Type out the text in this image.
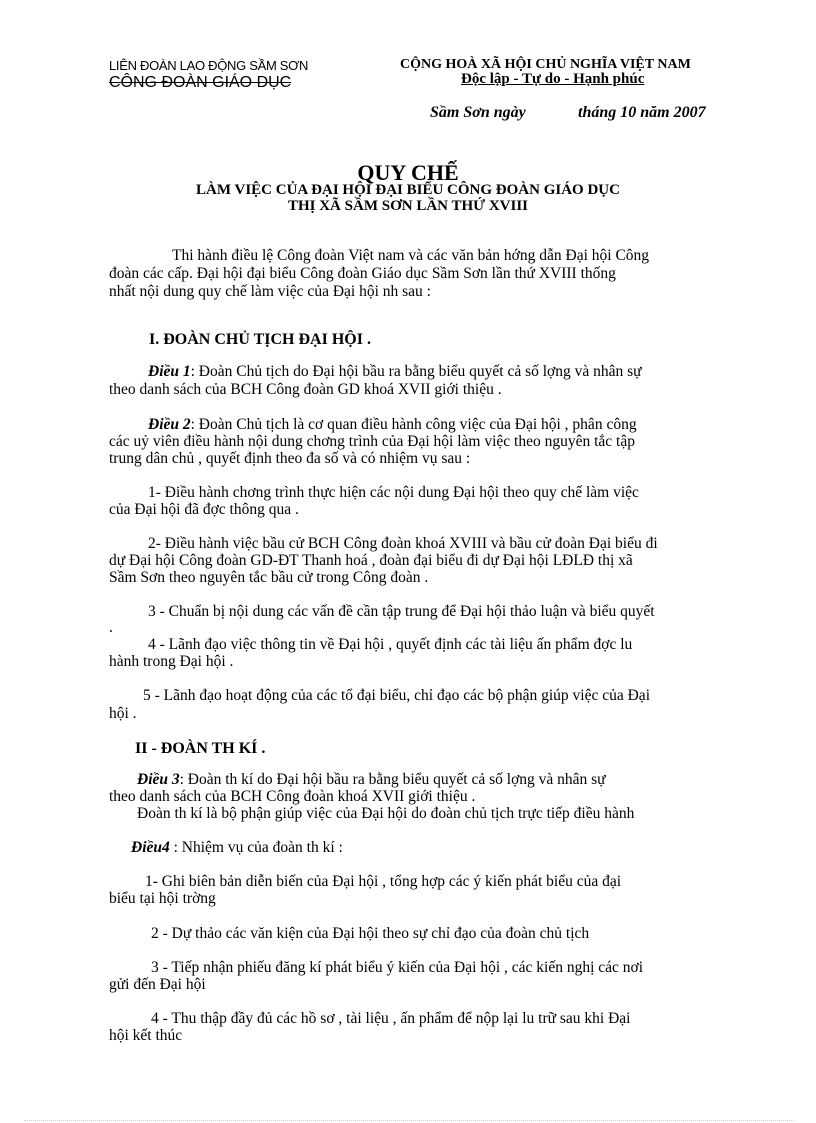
LIÊN ĐOÀN LAO ĐỘNG SẦM SƠN
CÔNG ĐOÀN GIÁO DỤC
CỘNG HOÀ XÃ HỘI CHỦ NGHĨA VIỆT NAM
Độc lập - Tự do - Hạnh phúc
Sầm Sơn ngày	tháng 10 năm 2007
QUY CHẾ
LÀM VIỆC CỦA ĐẠI HỘI ĐẠI BIỂU CÔNG ĐOÀN GIÁO DỤC
THỊ XÃ SẦM SƠN LẦN THỨ XVIII
Thi hành điều lệ Công đoàn Việt nam và các văn bản hớng dẫn Đại hội Công
đoàn các cấp. Đại hội đại biểu Công đoàn Giáo dục Sầm Sơn lần thứ XVIII thống
nhất nội dung quy chế làm việc của Đại hội nh sau :
I. ĐOÀN CHỦ TỊCH ĐẠI HỘI .
Điều 1: Đoàn Chủ tịch do Đại hội bầu ra bằng biểu quyết cả số lợng và nhân sự
theo danh sách của BCH Công đoàn GD khoá XVII giới thiệu .
Điều 2: Đoàn Chủ tịch là cơ quan điều hành công việc của Đại hội , phân công
các uỷ viên điều hành nội dung chơng trình của Đại hội làm việc theo nguyên tắc tập
trung dân chủ , quyết định theo đa số và có nhiệm vụ sau :
1- Điều hành chơng trình thực hiện các nội dung Đại hội theo quy chế làm việc
của Đại hội đã đợc thông qua .
2- Điều hành việc bầu cử BCH Công đoàn khoá XVIII và bầu cử đoàn Đại biểu đi
dự Đại hội Công đoàn GD-ĐT Thanh hoá , đoàn đại biểu đi dự Đại hội LĐLĐ thị xã
Sầm Sơn theo nguyên tắc bầu cử trong Công đoàn .
3 - Chuẩn bị nội dung các vấn đề cần tập trung để Đại hội thảo luận và biểu quyết
.
4 - Lãnh đạo việc thông tin về Đại hội , quyết định các tài liệu ấn phẩm đợc lu
hành trong Đại hội .
5 - Lãnh đạo hoạt động của các tổ đại biểu, chỉ đạo các bộ phận giúp việc của Đại
hội .
II - ĐOÀN TH KÍ .
Điều 3: Đoàn th kí do Đại hội bầu ra bằng biểu quyết cả số lợng và nhân sự
theo danh sách của BCH Công đoàn khoá XVII giới thiệu .
Đoàn th kí là bộ phận giúp việc của Đại hội do đoàn chủ tịch trực tiếp điều hành
Điều4 : Nhiệm vụ của đoàn th kí :
1- Ghi biên bản diễn biến của Đại hội , tổng hợp các ý kiến phát biểu của đại
biểu tại hội trờng
2 - Dự thảo các văn kiện của Đại hội theo sự chỉ đạo của đoàn chủ tịch
3 - Tiếp nhận phiếu đăng kí phát biểu ý kiến của Đại hội , các kiến nghị các nơi
gửi đến Đại hội
4 - Thu thập đầy đủ các hồ sơ , tài liệu , ấn phẩm để nộp lại lu trữ sau khi Đại
hội kết thúc
